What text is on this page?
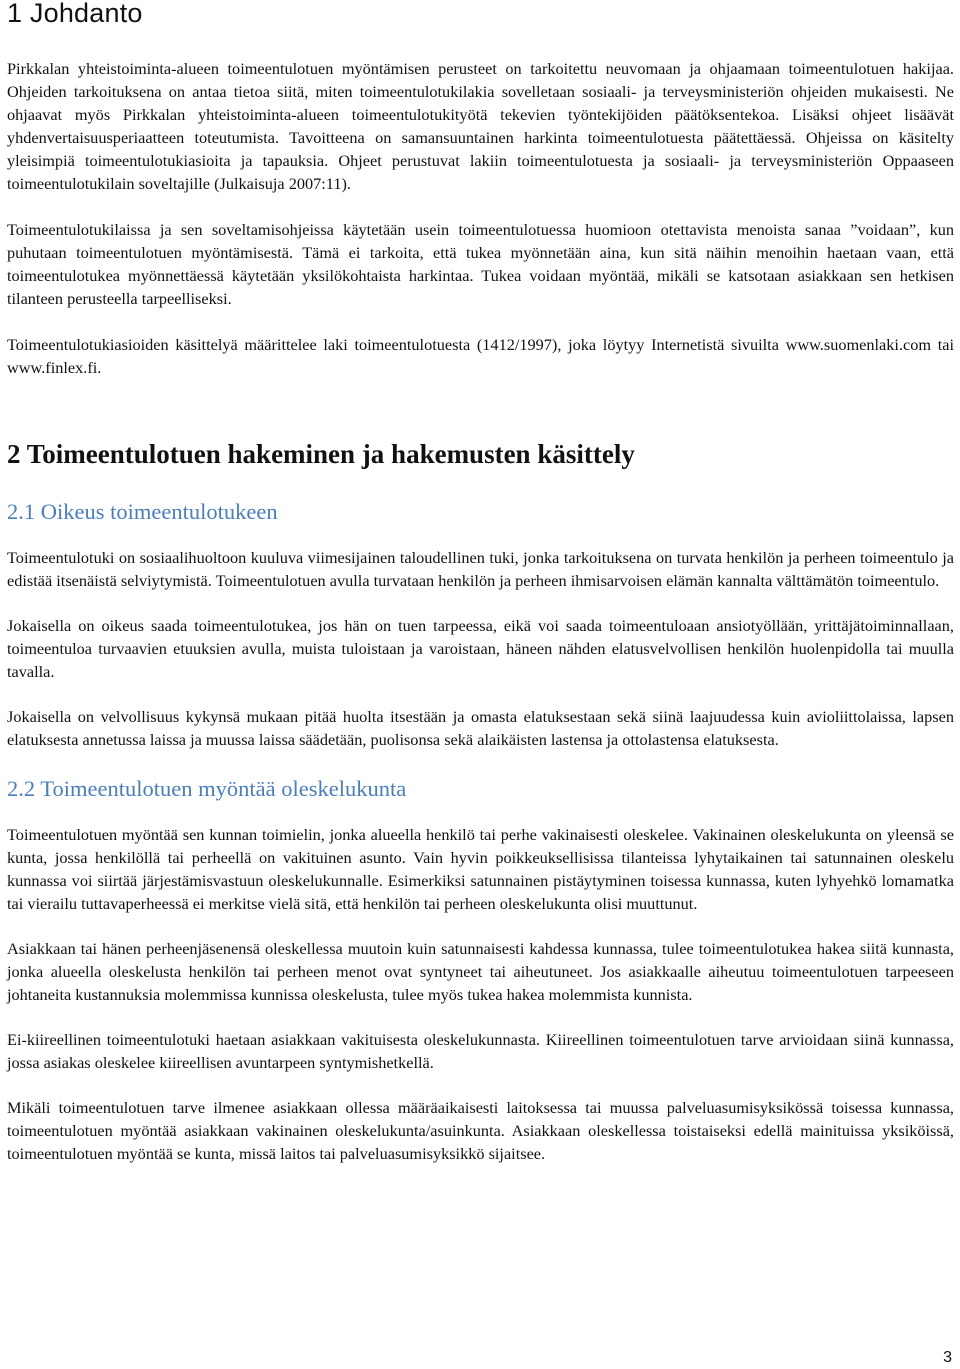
1 Johdanto

Pirkkalan yhteistoiminta-alueen toimeentulotuen myöntämisen perusteet on tarkoitettu neuvomaan ja ohjaamaan toimeentulotuen hakijaa. Ohjeiden tarkoituksena on antaa tietoa siitä, miten toimeentulotukilakia sovelletaan sosiaali- ja terveysministeriön ohjeiden mukaisesti. Ne ohjaavat myös Pirkkalan yhteistoiminta-alueen toimeentulotukityötä tekevien työntekijöiden päätöksentekoa. Lisäksi ohjeet lisäävät yhdenvertaisuusperiaatteen toteutumista. Tavoitteena on samansuuntainen harkinta toimeentulotuesta päätettäessä. Ohjeissa on käsitelty yleisimpiä toimeentulotukiasioita ja tapauksia. Ohjeet perustuvat lakiin toimeentulotuesta ja sosiaali- ja terveysministeriön Oppaaseen toimeentulotukilain soveltajille (Julkaisuja 2007:11).

Toimeentulotukilaissa ja sen soveltamisohjeissa käytetään usein toimeentulotuessa huomioon otettavista menoista sanaa ”voidaan”, kun puhutaan toimeentulotuen myöntämisestä. Tämä ei tarkoita, että tukea myönnetään aina, kun sitä näihin menoihin haetaan vaan, että toimeentulotukea myönnettäessä käytetään yksilökohtaista harkintaa. Tukea voidaan myöntää, mikäli se katsotaan asiakkaan sen hetkisen tilanteen perusteella tarpeelliseksi.

Toimeentulotukiasioiden käsittelyä määrittelee laki toimeentulotuesta (1412/1997), joka löytyy Internetistä sivuilta www.suomenlaki.com tai www.finlex.fi.

2 Toimeentulotuen hakeminen ja hakemusten käsittely
2.1 Oikeus toimeentulotukeen

Toimeentulotuki on sosiaalihuoltoon kuuluva viimesijainen taloudellinen tuki, jonka tarkoituksena on turvata henkilön ja perheen toimeentulo ja edistää itsenäistä selviytymistä. Toimeentulotuen avulla turvataan henkilön ja perheen ihmisarvoisen elämän kannalta välttämätön toimeentulo.

Jokaisella on oikeus saada toimeentulotukea, jos hän on tuen tarpeessa, eikä voi saada toimeentuloaan ansiotyöllään, yrittäjätoiminnallaan, toimeentuloa turvaavien etuuksien avulla, muista tuloistaan ja varoistaan, häneen nähden elatusvelvollisen henkilön huolenpidolla tai muulla tavalla.

Jokaisella on velvollisuus kykynsä mukaan pitää huolta itsestään ja omasta elatuksestaan sekä siinä laajuudessa kuin avioliittolaissa, lapsen elatuksesta annetussa laissa ja muussa laissa säädetään, puolisonsa sekä alaikäisten lastensa ja ottolastensa elatuksesta.

2.2 Toimeentulotuen myöntää oleskelukunta

Toimeentulotuen myöntää sen kunnan toimielin, jonka alueella henkilö tai perhe vakinaisesti oleskelee. Vakinainen oleskelukunta on yleensä se kunta, jossa henkilöllä tai perheellä on vakituinen asunto. Vain hyvin poikkeuksellisissa tilanteissa lyhytaikainen tai satunnainen oleskelu kunnassa voi siirtää järjestämisvastuun oleskelukunnalle. Esimerkiksi satunnainen pistäytyminen toisessa kunnassa, kuten lyhyehkö lomamatka tai vierailu tuttavaperheessä ei merkitse vielä sitä, että henkilön tai perheen oleskelukunta olisi muuttunut.

Asiakkaan tai hänen perheenjäsenensä oleskellessa muutoin kuin satunnaisesti kahdessa kunnassa, tulee toimeentulotukea hakea siitä kunnasta, jonka alueella oleskelusta henkilön tai perheen menot ovat syntyneet tai aiheutuneet. Jos asiakkaalle aiheutuu toimeentulotuen tarpeeseen johtaneita kustannuksia molemmissa kunnissa oleskelusta, tulee myös tukea hakea molemmista kunnista.

Ei-kiireellinen toimeentulotuki haetaan asiakkaan vakituisesta oleskelukunnasta. Kiireellinen toimeentulotuen tarve arvioidaan siinä kunnassa, jossa asiakas oleskelee kiireellisen avuntarpeen syntymishetkellä.

Mikäli toimeentulotuen tarve ilmenee asiakkaan ollessa määräaikaisesti laitoksessa tai muussa palveluasumisyksikössä toisessa kunnassa, toimeentulotuen myöntää asiakkaan vakinainen oleskelukunta/asuinkunta. Asiakkaan oleskellessa toistaiseksi edellä mainituissa yksiköissä, toimeentulotuen myöntää se kunta, missä laitos tai palveluasumisyksikkö sijaitsee.

3
